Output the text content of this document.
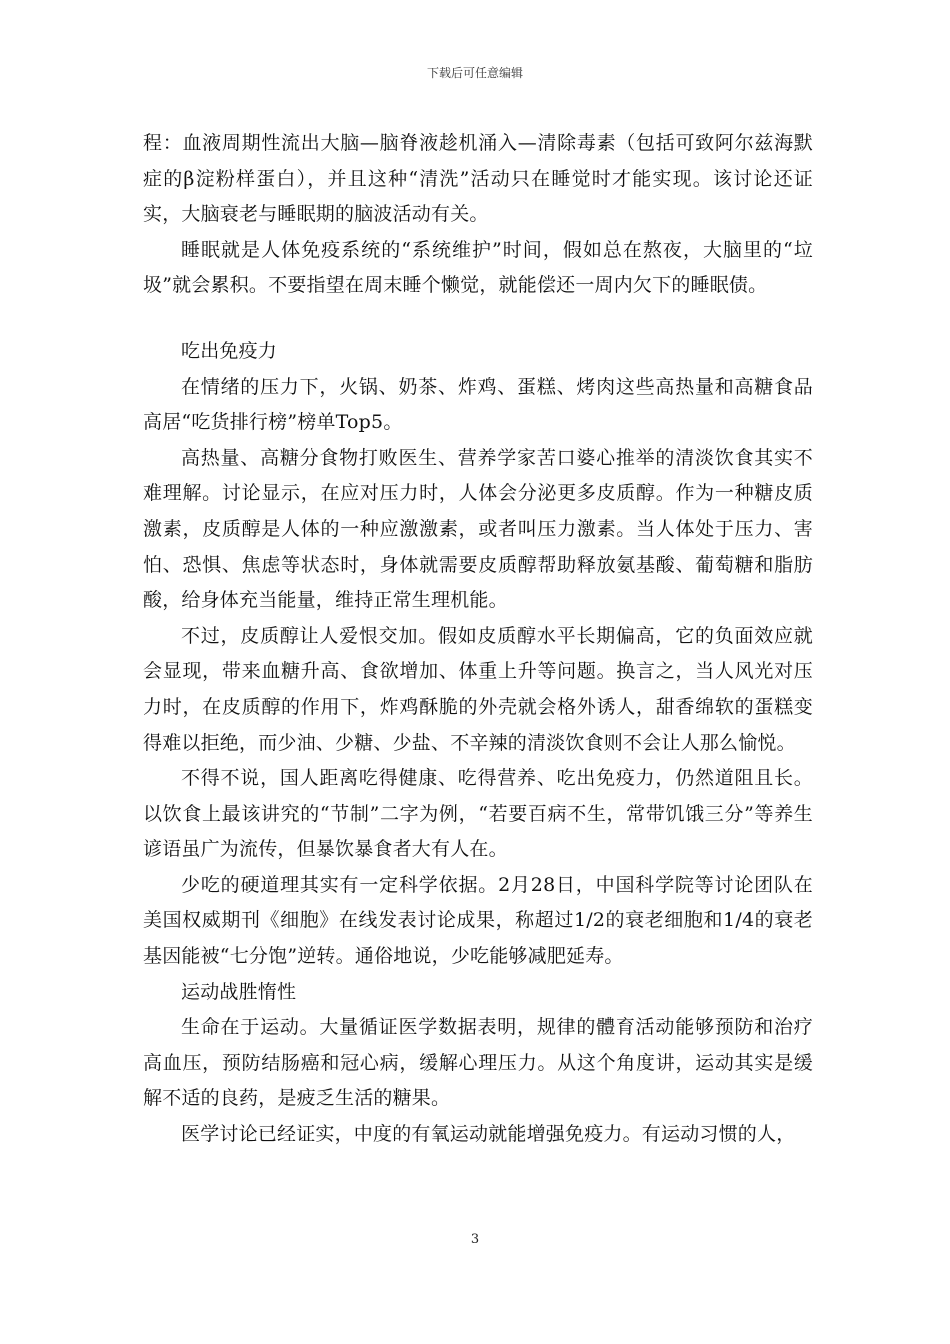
下载后可任意编辑

程：血液周期性流出大脑—脑脊液趁机涌入—清除毒素（包括可致阿尔兹海默症的β淀粉样蛋白），并且这种“清洗”活动只在睡觉时才能实现。该讨论还证实，大脑衰老与睡眠期的脑波活动有关。

睡眠就是人体免疫系统的“系统维护”时间，假如总在熬夜，大脑里的“垃圾”就会累积。不要指望在周末睡个懒觉，就能偿还一周内欠下的睡眠债。

吃出免疫力

在情绪的压力下，火锅、奶茶、炸鸡、蛋糕、烤肉这些高热量和高糖食品高居“吃货排行榜”榜单Top5。

高热量、高糖分食物打败医生、营养学家苦口婆心推举的清淡饮食其实不难理解。讨论显示，在应对压力时，人体会分泌更多皮质醇。作为一种糖皮质激素，皮质醇是人体的一种应激激素，或者叫压力激素。当人体处于压力、害怕、恐惧、焦虑等状态时，身体就需要皮质醇帮助释放氨基酸、葡萄糖和脂肪酸，给身体充当能量，维持正常生理机能。

不过，皮质醇让人爱恨交加。假如皮质醇水平长期偏高，它的负面效应就会显现，带来血糖升高、食欲增加、体重上升等问题。换言之，当人风光对压力时，在皮质醇的作用下，炸鸡酥脆的外壳就会格外诱人，甜香绵软的蛋糕变得难以拒绝，而少油、少糖、少盐、不辛辣的清淡饮食则不会让人那么愉悦。

不得不说，国人距离吃得健康、吃得营养、吃出免疫力，仍然道阻且长。以饮食上最该讲究的“节制”二字为例，“若要百病不生，常带饥饿三分”等养生谚语虽广为流传，但暴饮暴食者大有人在。

少吃的硬道理其实有一定科学依据。2月28日，中国科学院等讨论团队在美国权威期刊《细胞》在线发表讨论成果，称超过1/2的衰老细胞和1/4的衰老基因能被“七分饱”逆转。通俗地说，少吃能够减肥延寿。

运动战胜惰性

生命在于运动。大量循证医学数据表明，规律的體育活动能够预防和治疗高血压，预防结肠癌和冠心病，缓解心理压力。从这个角度讲，运动其实是缓解不适的良药，是疲乏生活的糖果。

医学讨论已经证实，中度的有氧运动就能增强免疫力。有运动习惯的人，

3
